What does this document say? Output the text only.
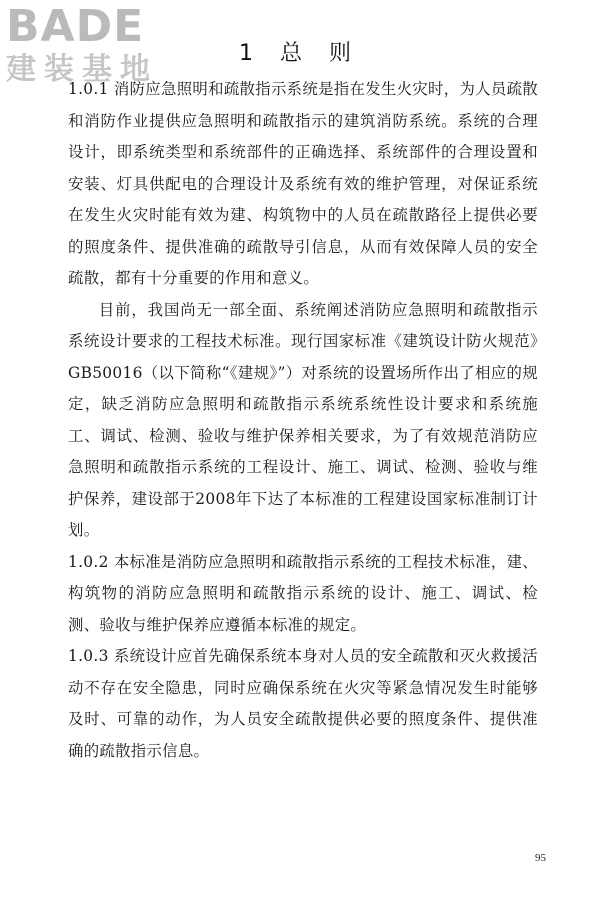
BADE
建装基地	1 总 则

1.0.1 消防应急照明和疏散指示系统是指在发生火灾时，为人员疏散和消防作业提供应急照明和疏散指示的建筑消防系统。系统的合理设计，即系统类型和系统部件的正确选择、系统部件的合理设置和安装、灯具供配电的合理设计及系统有效的维护管理，对保证系统在发生火灾时能有效为建、构筑物中的人员在疏散路径上提供必要的照度条件、提供准确的疏散导引信息，从而有效保障人员的安全疏散，都有十分重要的作用和意义。

目前，我国尚无一部全面、系统阐述消防应急照明和疏散指示系统设计要求的工程技术标准。现行国家标准《建筑设计防火规范》GB50016（以下简称“《建规》”）对系统的设置场所作出了相应的规定，缺乏消防应急照明和疏散指示系统系统性设计要求和系统施工、调试、检测、验收与维护保养相关要求，为了有效规范消防应急照明和疏散指示系统的工程设计、施工、调试、检测、验收与维护保养，建设部于2008年下达了本标准的工程建设国家标准制订计划。

1.0.2 本标准是消防应急照明和疏散指示系统的工程技术标准，建、构筑物的消防应急照明和疏散指示系统的设计、施工、调试、检测、验收与维护保养应遵循本标准的规定。

1.0.3 系统设计应首先确保系统本身对人员的安全疏散和灭火救援活动不存在安全隐患，同时应确保系统在火灾等紧急情况发生时能够及时、可靠的动作，为人员安全疏散提供必要的照度条件、提供准确的疏散指示信息。

95
